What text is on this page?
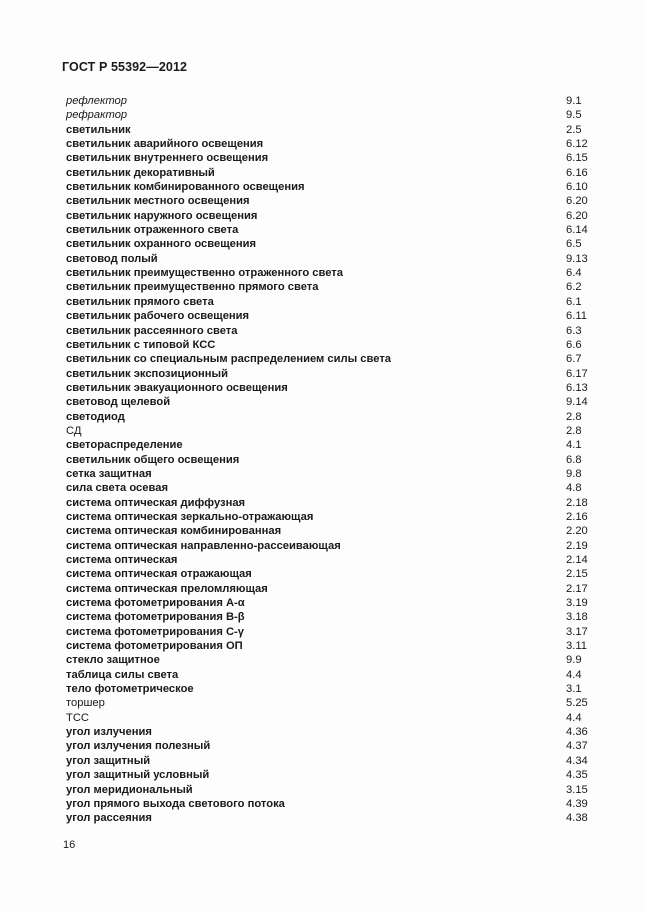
ГОСТ Р 55392—2012
рефлектор	9.1
рефрактор	9.5
светильник	2.5
светильник аварийного освещения	6.12
светильник внутреннего освещения	6.15
светильник декоративный	6.16
светильник комбинированного освещения	6.10
светильник местного освещения	6.20
светильник наружного освещения	6.20
светильник отраженного света	6.14
светильник охранного освещения	6.5
световод полый	9.13
светильник преимущественно отраженного света	6.4
светильник преимущественно прямого света	6.2
светильник прямого света	6.1
светильник рабочего освещения	6.11
светильник рассеянного света	6.3
светильник с типовой КСС	6.6
светильник со специальным распределением силы света	6.7
светильник экспозиционный	6.17
светильник эвакуационного освещения	6.13
световод щелевой	9.14
светодиод	2.8
СД	2.8
светораспределение	4.1
светильник общего освещения	6.8
сетка защитная	9.8
сила света осевая	4.8
система оптическая диффузная	2.18
система оптическая зеркально-отражающая	2.16
система оптическая комбинированная	2.20
система оптическая направленно-рассеивающая	2.19
система оптическая	2.14
система оптическая отражающая	2.15
система оптическая преломляющая	2.17
система фотометрирования A-α	3.19
система фотометрирования B-β	3.18
система фотометрирования C-γ	3.17
система фотометрирования ОП	3.11
стекло защитное	9.9
таблица силы света	4.4
тело фотометрическое	3.1
торшер	5.25
ТСС	4.4
угол излучения	4.36
угол излучения полезный	4.37
угол защитный	4.34
угол защитный условный	4.35
угол меридиональный	3.15
угол прямого выхода светового потока	4.39
угол рассеяния	4.38
16
